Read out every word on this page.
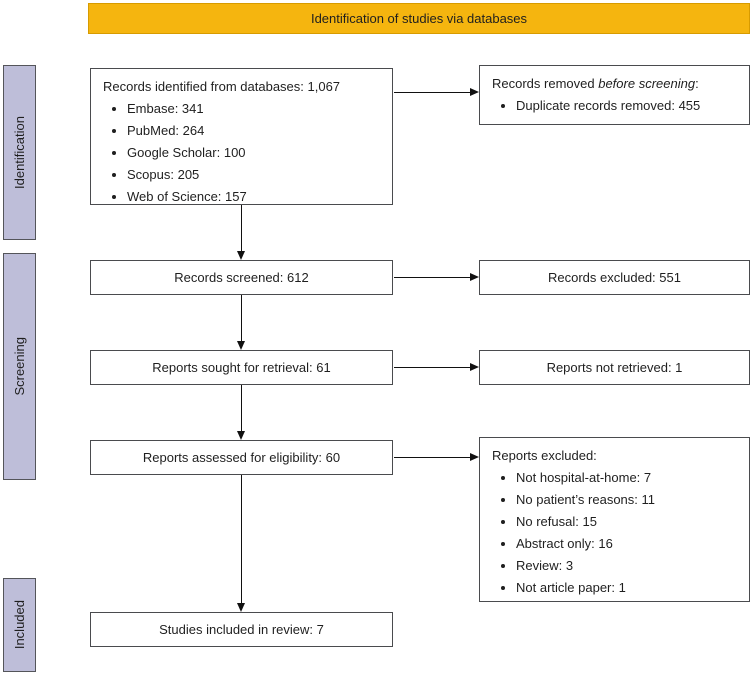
Identification of studies via databases
Identification
Screening
Included
Records identified from databases: 1,067
• Embase: 341
• PubMed: 264
• Google Scholar: 100
• Scopus: 205
• Web of Science: 157
Records screened: 612
Reports sought for retrieval: 61
Reports assessed for eligibility: 60
Studies included in review: 7
Records removed before screening:
• Duplicate records removed: 455
Records excluded: 551
Reports not retrieved: 1
Reports excluded:
• Not hospital-at-home: 7
• No patient’s reasons: 11
• No refusal: 15
• Abstract only: 16
• Review: 3
• Not article paper: 1
